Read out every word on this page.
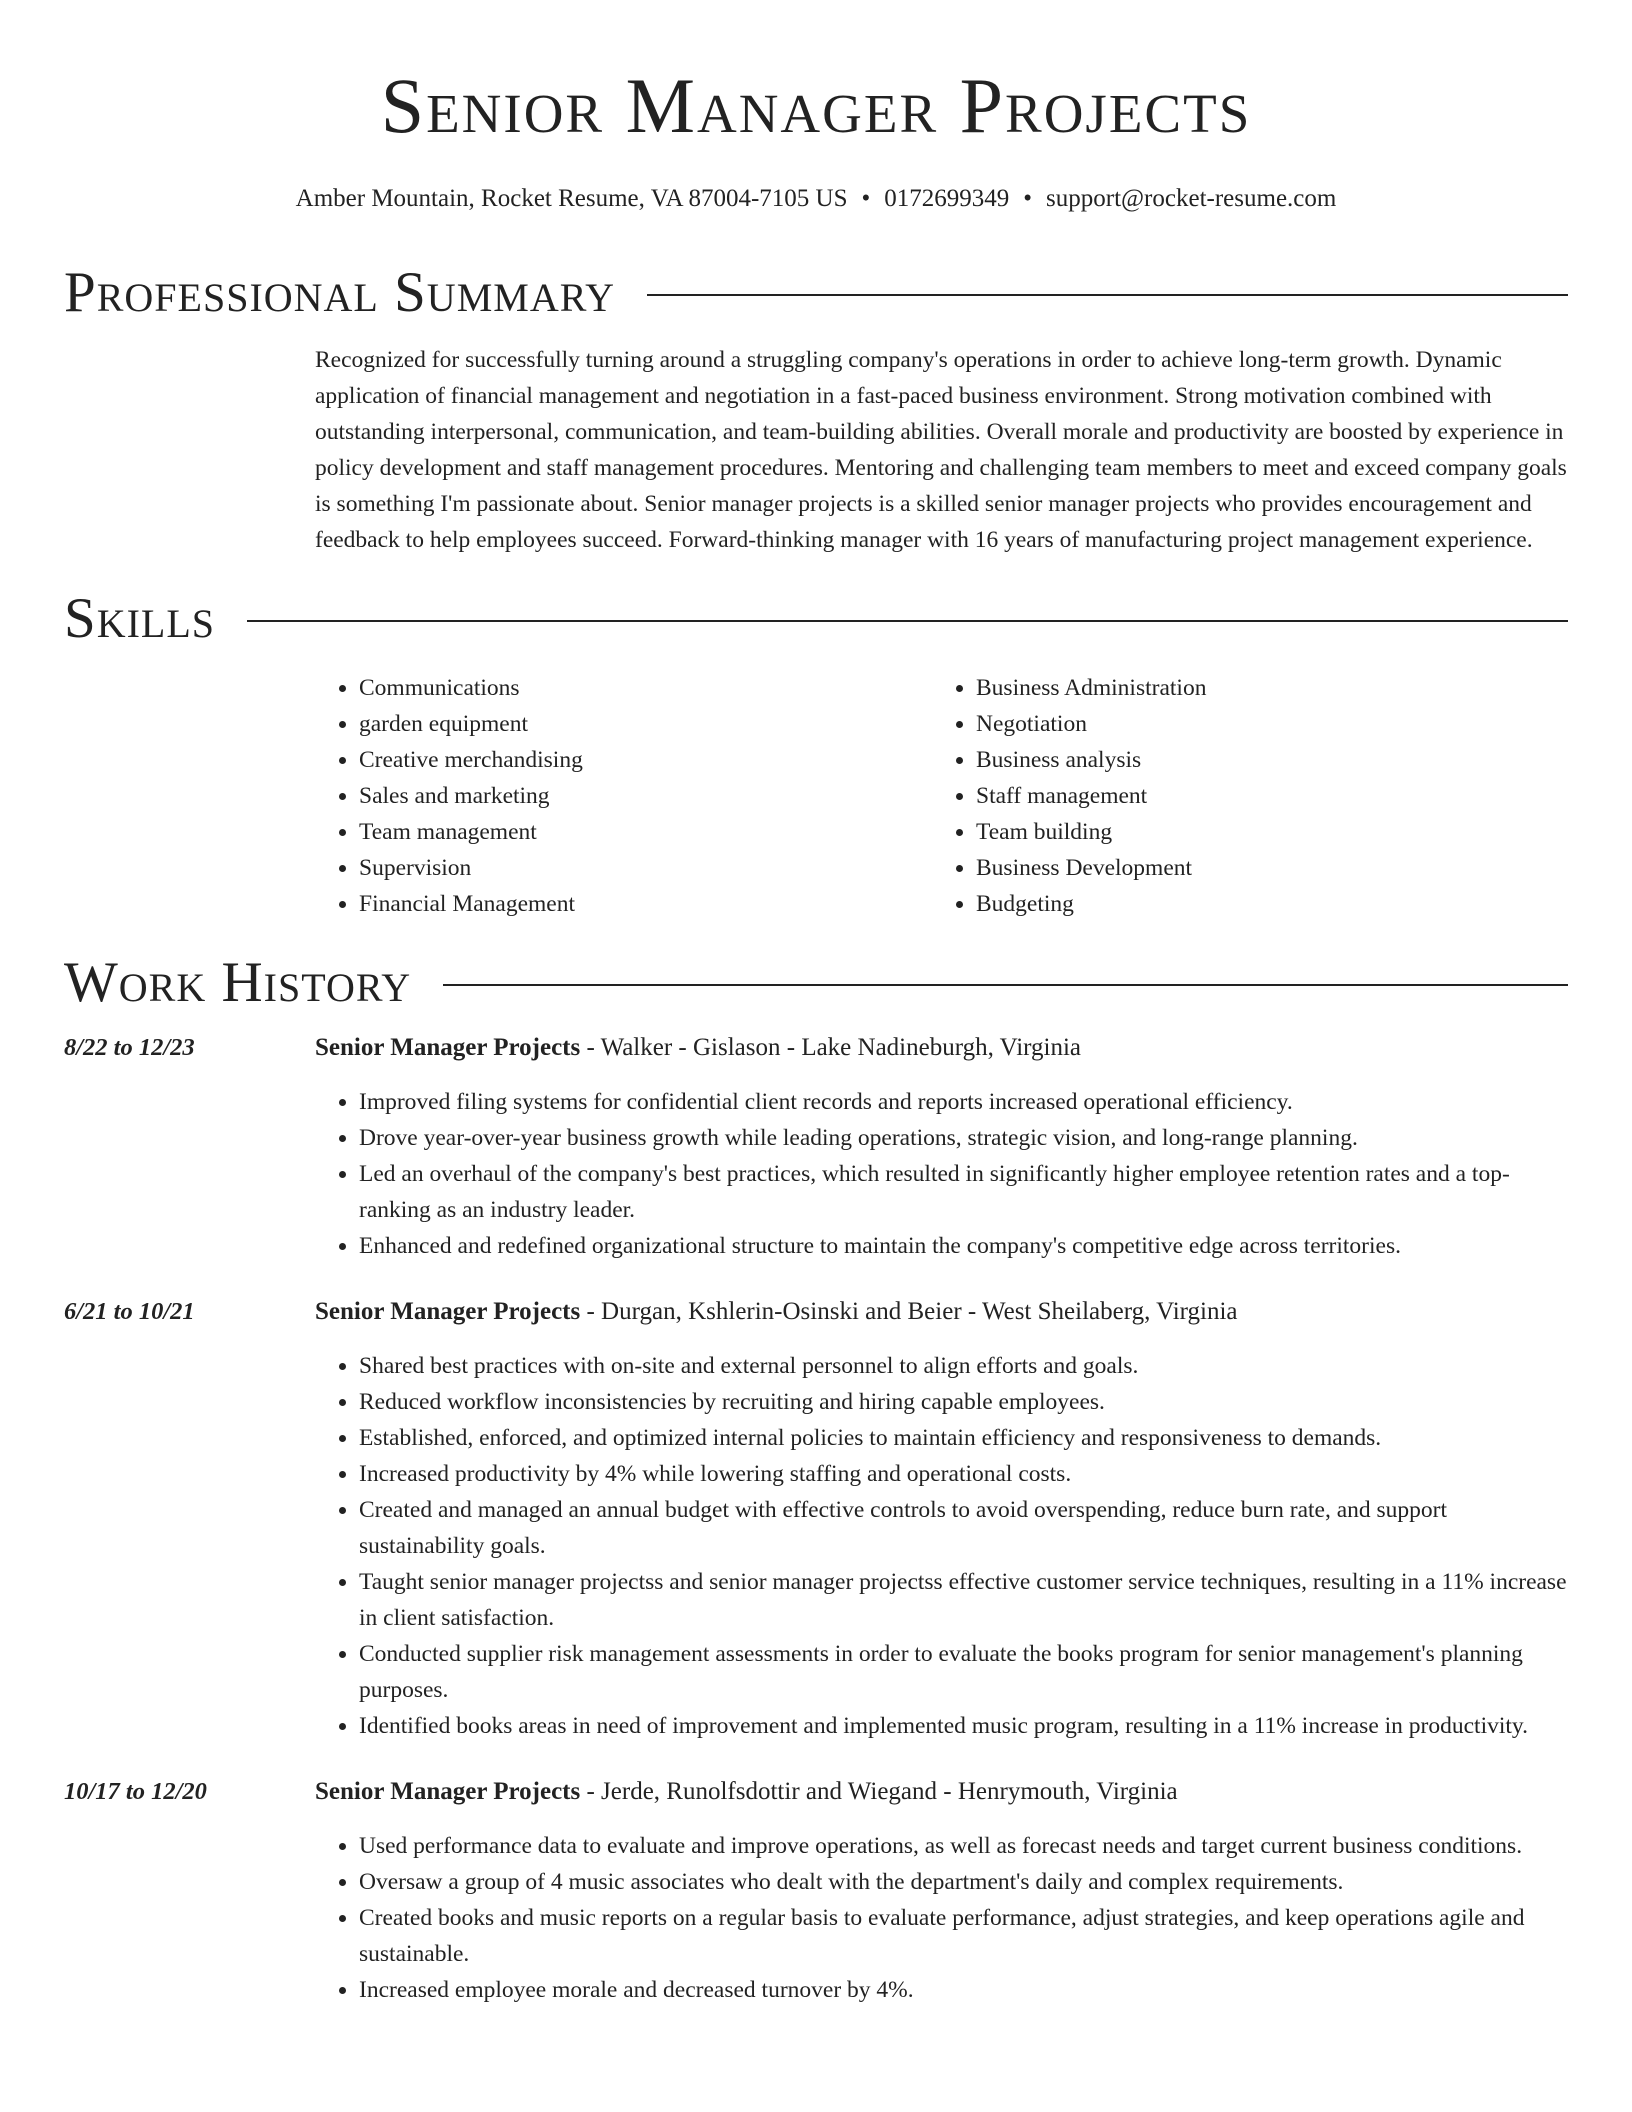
Senior Manager Projects
Amber Mountain, Rocket Resume, VA 87004-7105 US • 0172699349 • support@rocket-resume.com
Professional Summary

Recognized for successfully turning around a struggling company's operations in order to achieve long-term growth. Dynamic application of financial management and negotiation in a fast-paced business environment. Strong motivation combined with outstanding interpersonal, communication, and team-building abilities. Overall morale and productivity are boosted by experience in policy development and staff management procedures. Mentoring and challenging team members to meet and exceed company goals is something I'm passionate about. Senior manager projects is a skilled senior manager projects who provides encouragement and feedback to help employees succeed. Forward-thinking manager with 16 years of manufacturing project management experience.

Skills
• Communications
• garden equipment
• Creative merchandising
• Sales and marketing
• Team management
• Supervision
• Financial Management
• Business Administration
• Negotiation
• Business analysis
• Staff management
• Team building
• Business Development
• Budgeting
Work History
8/22 to 12/23	Senior Manager Projects - Walker - Gislason - Lake Nadineburgh, Virginia
• Improved filing systems for confidential client records and reports increased operational efficiency.
• Drove year-over-year business growth while leading operations, strategic vision, and long-range planning.
• Led an overhaul of the company's best practices, which resulted in significantly higher employee retention rates and a top-ranking as an industry leader.
• Enhanced and redefined organizational structure to maintain the company's competitive edge across territories.
6/21 to 10/21	Senior Manager Projects - Durgan, Kshlerin-Osinski and Beier - West Sheilaberg, Virginia
• Shared best practices with on-site and external personnel to align efforts and goals.
• Reduced workflow inconsistencies by recruiting and hiring capable employees.
• Established, enforced, and optimized internal policies to maintain efficiency and responsiveness to demands.
• Increased productivity by 4% while lowering staffing and operational costs.
• Created and managed an annual budget with effective controls to avoid overspending, reduce burn rate, and support sustainability goals.
• Taught senior manager projectss and senior manager projectss effective customer service techniques, resulting in a 11% increase in client satisfaction.
• Conducted supplier risk management assessments in order to evaluate the books program for senior management's planning purposes.
• Identified books areas in need of improvement and implemented music program, resulting in a 11% increase in productivity.
10/17 to 12/20	Senior Manager Projects - Jerde, Runolfsdottir and Wiegand - Henrymouth, Virginia
• Used performance data to evaluate and improve operations, as well as forecast needs and target current business conditions.
• Oversaw a group of 4 music associates who dealt with the department's daily and complex requirements.
• Created books and music reports on a regular basis to evaluate performance, adjust strategies, and keep operations agile and sustainable.
• Increased employee morale and decreased turnover by 4%.
